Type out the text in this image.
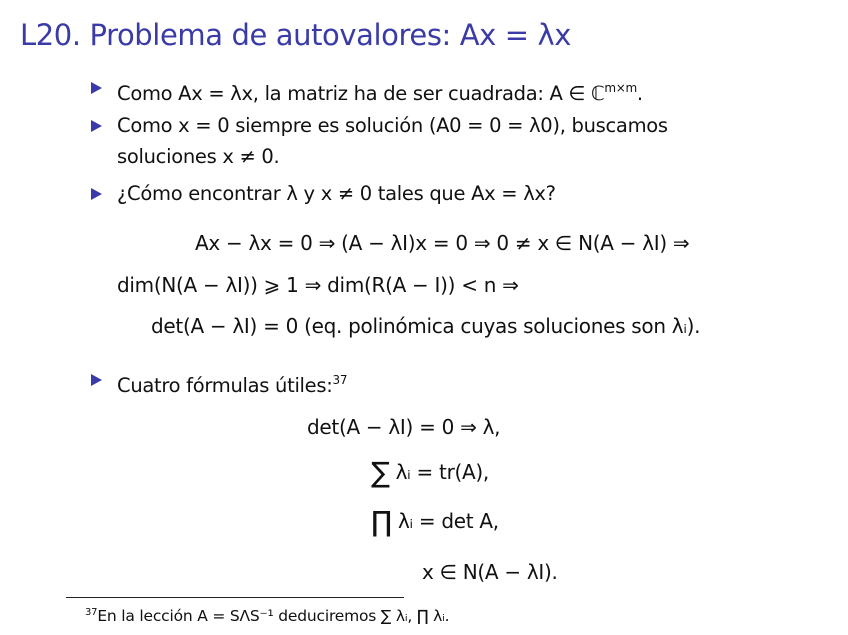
L20. Problema de autovalores: Ax = λx
Como Ax = λx, la matriz ha de ser cuadrada: A ∈ ℂ$^{m\times m}$.
Como x = 0 siempre es solución (A0 = 0 = λ0), buscamos
soluciones x ≠ 0.
¿Cómo encontrar λ y x ≠ 0 tales que Ax = λx?
Ax − λx = 0 ⇒ (A − λI)x = 0 ⇒ 0 ≠ x ∈ N(A − λI) ⇒
dim(N(A − λI)) ⩾ 1 ⇒ dim(R(A − I)) < n ⇒
det(A − λI) = 0 (eq. polinómica cuyas soluciones son λᵢ).
Cuatro fórmulas útiles:$^{37}$
det(A − λI) = 0 ⇒ λ,
∑ λᵢ = tr(A),
∏ λᵢ = det A,
x ∈ N(A − λI).
$^{37}$En la lección A = SΛS⁻¹ deduciremos ∑ λᵢ, ∏ λᵢ.
